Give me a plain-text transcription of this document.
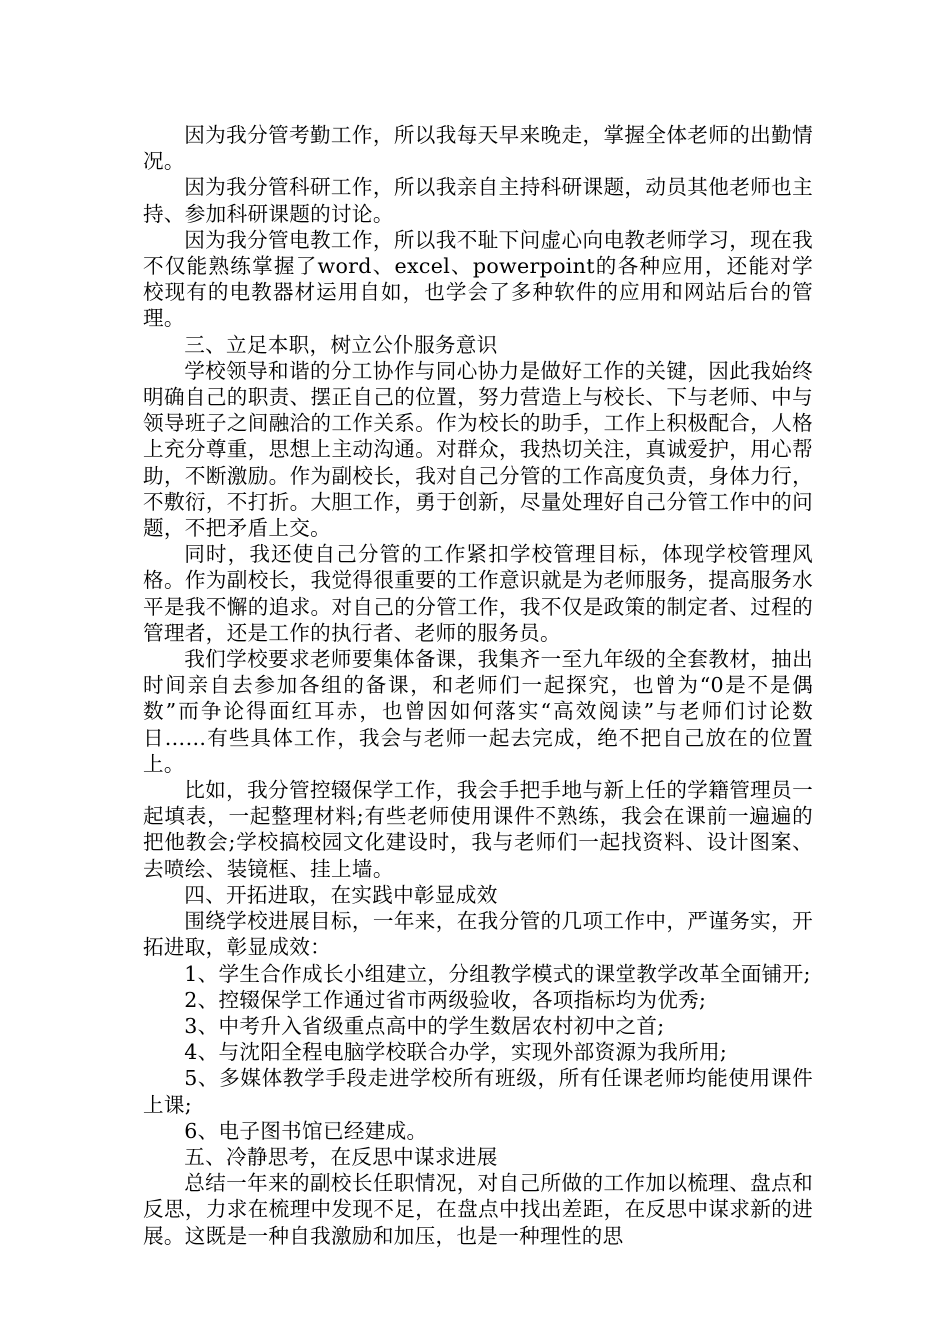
因为我分管考勤工作，所以我每天早来晚走，掌握全体老师的出勤情况。

因为我分管科研工作，所以我亲自主持科研课题，动员其他老师也主持、参加科研课题的讨论。

因为我分管电教工作，所以我不耻下问虚心向电教老师学习，现在我不仅能熟练掌握了word、excel、powerpoint的各种应用，还能对学校现有的电教器材运用自如，也学会了多种软件的应用和网站后台的管理。

三、立足本职，树立公仆服务意识

学校领导和谐的分工协作与同心协力是做好工作的关键，因此我始终明确自己的职责、摆正自己的位置，努力营造上与校长、下与老师、中与领导班子之间融洽的工作关系。作为校长的助手，工作上积极配合，人格上充分尊重，思想上主动沟通。对群众，我热切关注，真诚爱护，用心帮助，不断激励。作为副校长，我对自己分管的工作高度负责，身体力行，不敷衍，不打折。大胆工作，勇于创新，尽量处理好自己分管工作中的问题，不把矛盾上交。

同时，我还使自己分管的工作紧扣学校管理目标，体现学校管理风格。作为副校长，我觉得很重要的工作意识就是为老师服务，提高服务水平是我不懈的追求。对自己的分管工作，我不仅是政策的制定者、过程的管理者，还是工作的执行者、老师的服务员。

我们学校要求老师要集体备课，我集齐一至九年级的全套教材，抽出时间亲自去参加各组的备课，和老师们一起探究，也曾为“0是不是偶数”而争论得面红耳赤，也曾因如何落实“高效阅读”与老师们讨论数日……有些具体工作，我会与老师一起去完成，绝不把自己放在的位置上。

比如，我分管控辍保学工作，我会手把手地与新上任的学籍管理员一起填表，一起整理材料;有些老师使用课件不熟练，我会在课前一遍遍的把他教会;学校搞校园文化建设时，我与老师们一起找资料、设计图案、去喷绘、装镜框、挂上墙。

四、开拓进取，在实践中彰显成效

围绕学校进展目标，一年来，在我分管的几项工作中，严谨务实，开拓进取，彰显成效：

1、学生合作成长小组建立，分组教学模式的课堂教学改革全面铺开;

2、控辍保学工作通过省市两级验收，各项指标均为优秀;

3、中考升入省级重点高中的学生数居农村初中之首;

4、与沈阳全程电脑学校联合办学，实现外部资源为我所用;

5、多媒体教学手段走进学校所有班级，所有任课老师均能使用课件上课;

6、电子图书馆已经建成。

五、冷静思考，在反思中谋求进展

总结一年来的副校长任职情况，对自己所做的工作加以梳理、盘点和反思，力求在梳理中发现不足，在盘点中找出差距，在反思中谋求新的进展。这既是一种自我激励和加压，也是一种理性的思
